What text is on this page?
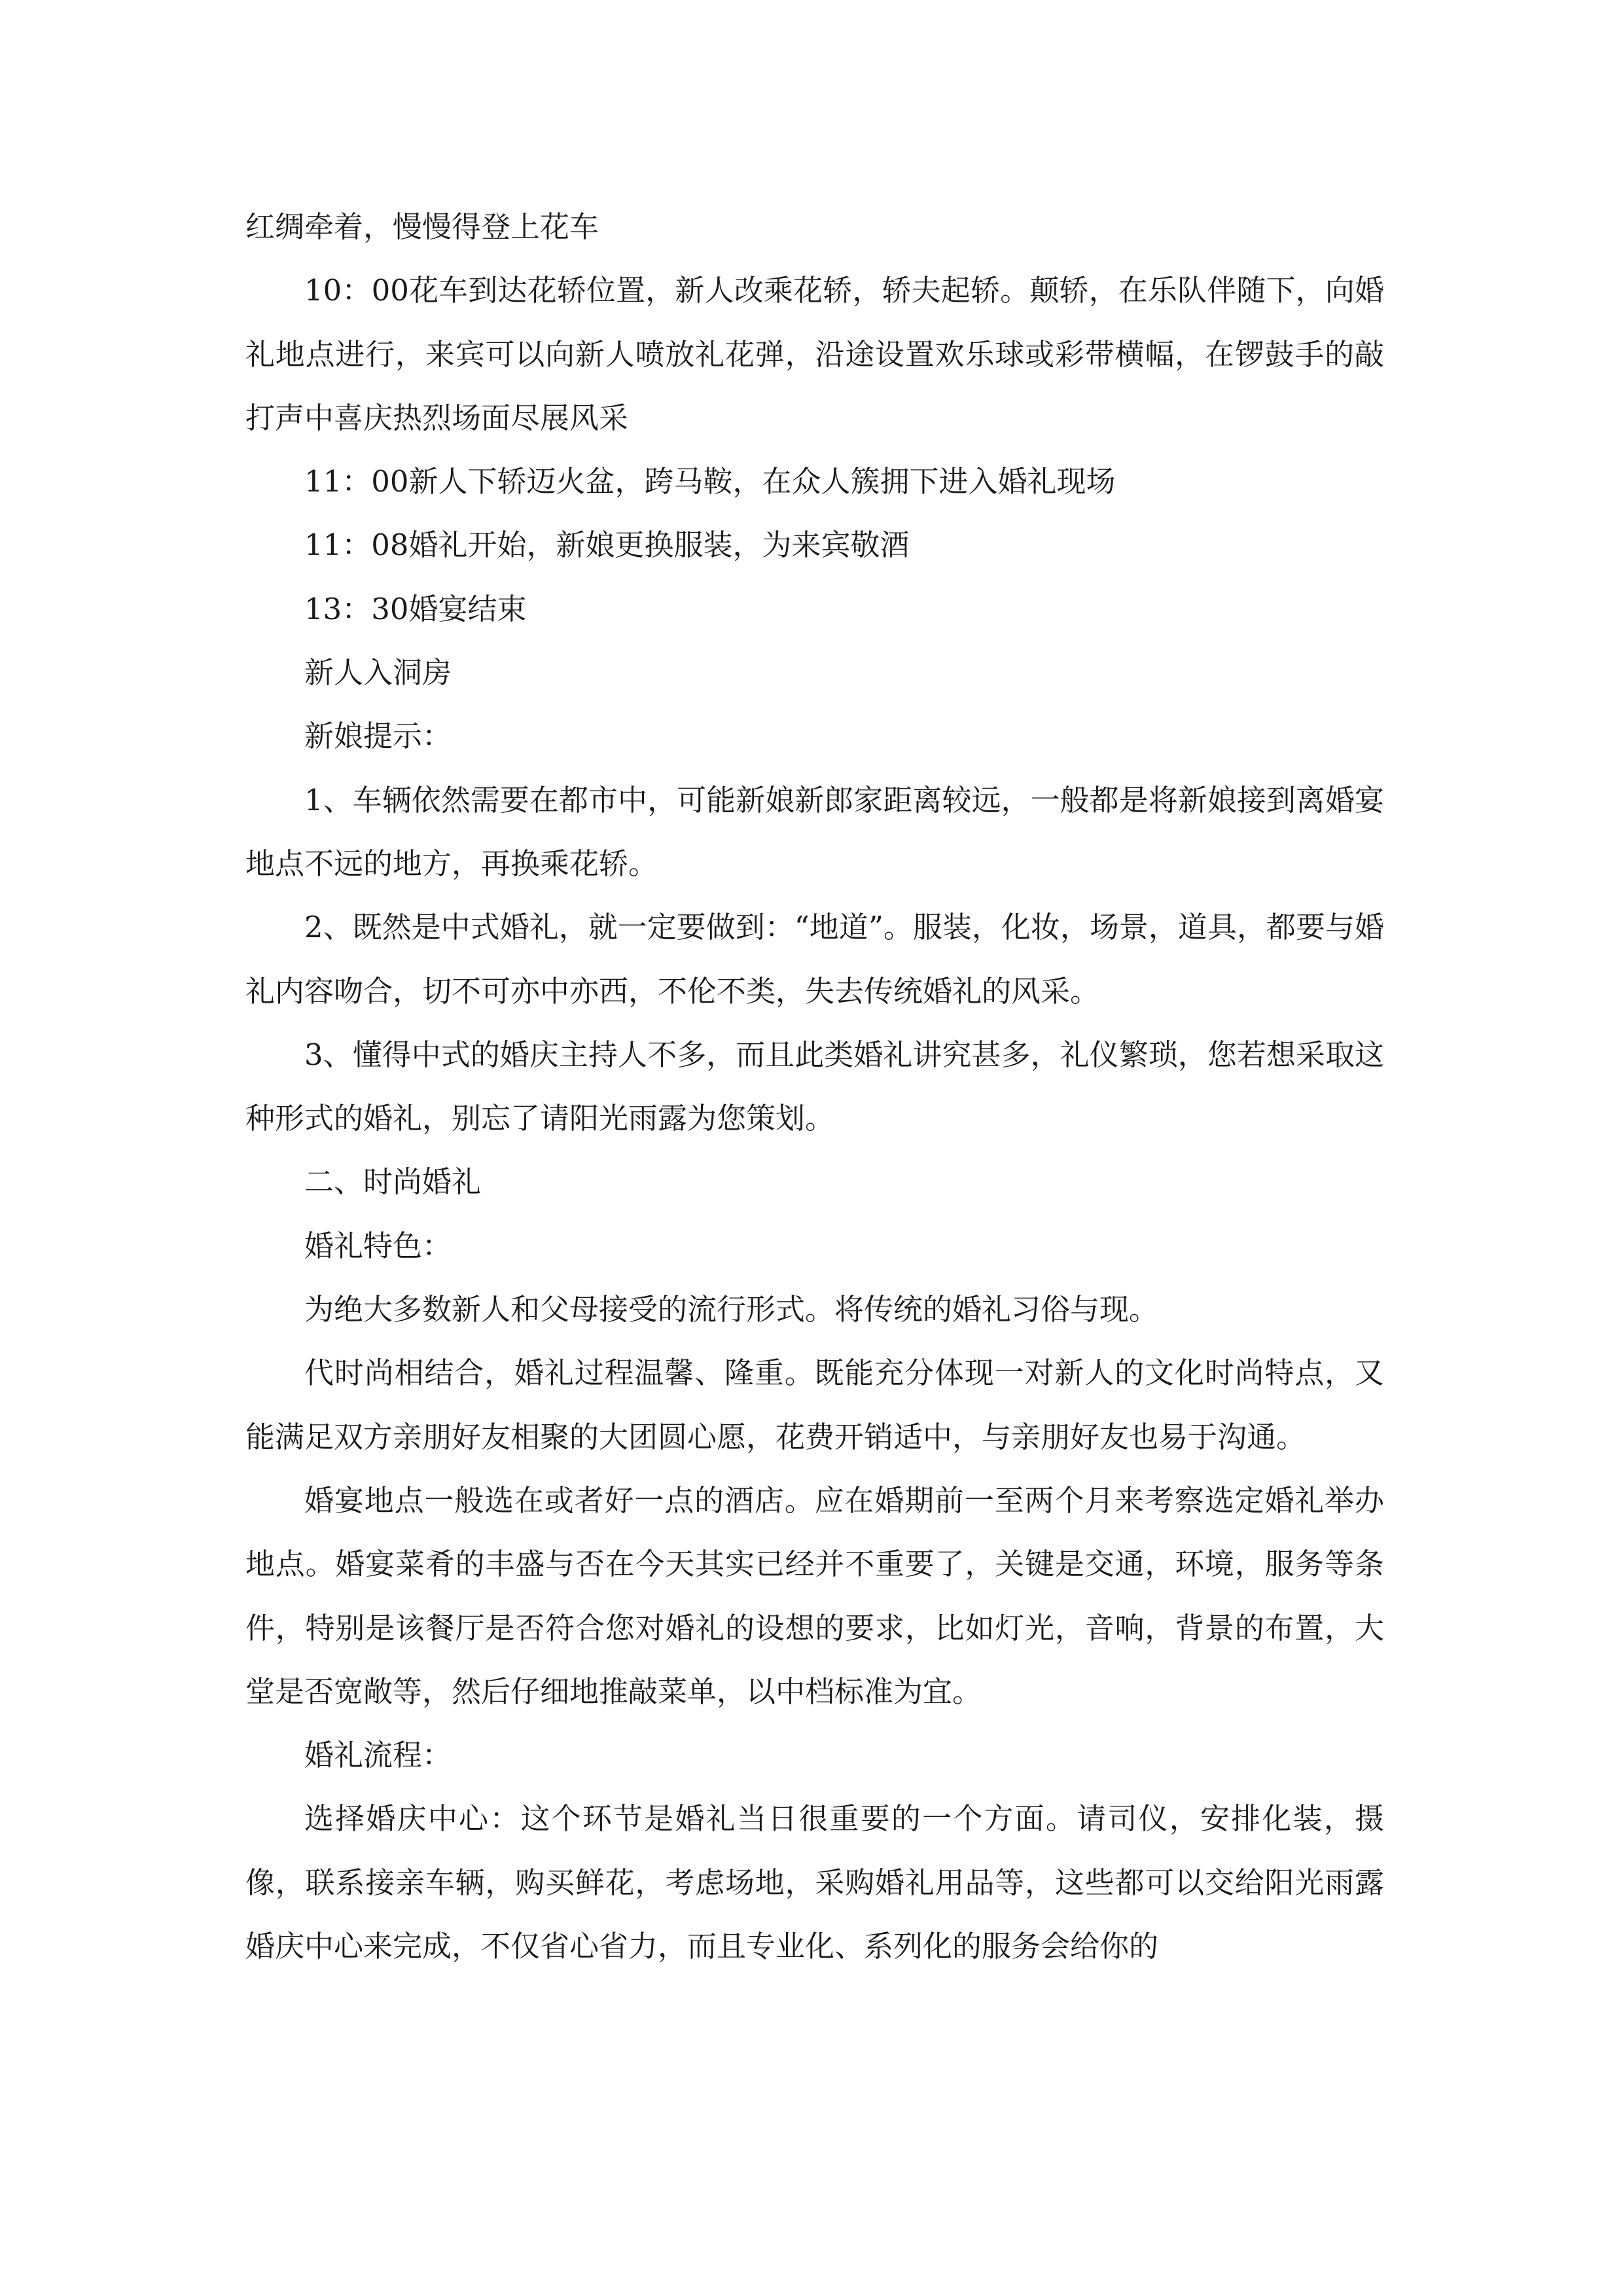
红绸牵着，慢慢得登上花车

10：00花车到达花轿位置，新人改乘花轿，轿夫起轿。颠轿，在乐队伴随下，向婚礼地点进行，来宾可以向新人喷放礼花弹，沿途设置欢乐球或彩带横幅，在锣鼓手的敲打声中喜庆热烈场面尽展风采

11：00新人下轿迈火盆，跨马鞍，在众人簇拥下进入婚礼现场

11：08婚礼开始，新娘更换服装，为来宾敬酒

13：30婚宴结束

新人入洞房

新娘提示：

1、车辆依然需要在都市中，可能新娘新郎家距离较远，一般都是将新娘接到离婚宴地点不远的地方，再换乘花轿。

2、既然是中式婚礼，就一定要做到：“地道”。服装，化妆，场景，道具，都要与婚礼内容吻合，切不可亦中亦西，不伦不类，失去传统婚礼的风采。

3、懂得中式的婚庆主持人不多，而且此类婚礼讲究甚多，礼仪繁琐，您若想采取这种形式的婚礼，别忘了请阳光雨露为您策划。

二、时尚婚礼

婚礼特色：

为绝大多数新人和父母接受的流行形式。将传统的婚礼习俗与现。

代时尚相结合，婚礼过程温馨、隆重。既能充分体现一对新人的文化时尚特点，又能满足双方亲朋好友相聚的大团圆心愿，花费开销适中，与亲朋好友也易于沟通。

婚宴地点一般选在或者好一点的酒店。应在婚期前一至两个月来考察选定婚礼举办地点。婚宴菜肴的丰盛与否在今天其实已经并不重要了，关键是交通，环境，服务等条件，特别是该餐厅是否符合您对婚礼的设想的要求，比如灯光，音响，背景的布置，大堂是否宽敞等，然后仔细地推敲菜单，以中档标准为宜。

婚礼流程：

选择婚庆中心：这个环节是婚礼当日很重要的一个方面。请司仪，安排化装，摄像，联系接亲车辆，购买鲜花，考虑场地，采购婚礼用品等，这些都可以交给阳光雨露婚庆中心来完成，不仅省心省力，而且专业化、系列化的服务会给你的
